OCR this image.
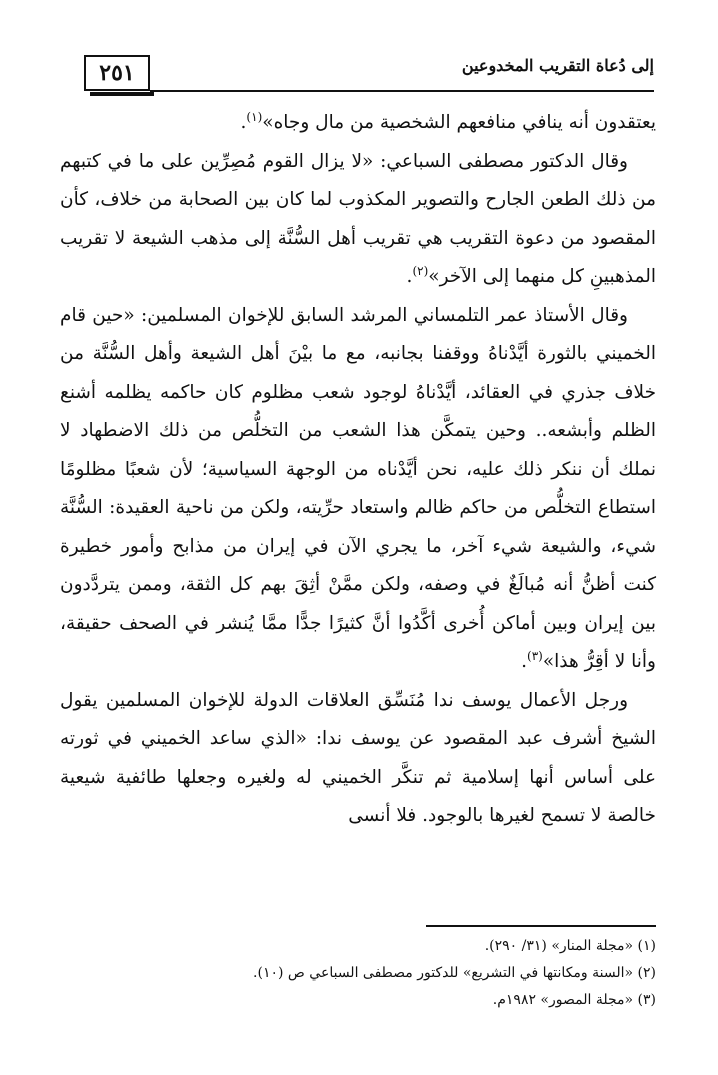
٢٥١	إلى دُعاة التقريب المخدوعين

يعتقدون أنه ينافي منافعهم الشخصية من مال وجاه»$^{(١)}$.

وقال الدكتور مصطفى السباعي: «لا يزال القوم مُصِرِّين على ما في كتبهم من ذلك الطعن الجارح والتصوير المكذوب لما كان بين الصحابة من خلاف، كأن المقصود من دعوة التقريب هي تقريب أهل السُّنَّة إلى مذهب الشيعة لا تقريب المذهبينِ كل منهما إلى الآخر»$^{(٢)}$.

وقال الأستاذ عمر التلمساني المرشد السابق للإخوان المسلمين: «حين قام الخميني بالثورة أيَّدْناهُ ووقفنا بجانبه، مع ما بيْنَ أهل الشيعة وأهل السُّنَّة من خلاف جذري في العقائد، أيَّدْناهُ لوجود شعب مظلوم كان حاكمه يظلمه أشنع الظلم وأبشعه.. وحين يتمكَّن هذا الشعب من التخلُّص من ذلك الاضطهاد لا نملك أن ننكر ذلك عليه، نحن أيَّدْناه من الوجهة السياسية؛ لأن شعبًا مظلومًا استطاع التخلُّص من حاكم ظالم واستعاد حرِّيته، ولكن من ناحية العقيدة: السُّنَّة شيء، والشيعة شيء آخر، ما يجري الآن في إيران من مذابح وأمور خطيرة كنت أظنُّ أنه مُبالَغٌ في وصفه، ولكن ممَّنْ أثِقَ بهم كل الثقة، وممن يتردَّدون بين إيران وبين أماكن أُخرى أكَّدُوا أنَّ كثيرًا جدًّا ممَّا يُنشر في الصحف حقيقة، وأنا لا أقِرُّ هذا»$^{(٣)}$.

ورجل الأعمال يوسف ندا مُنَسِّق العلاقات الدولة للإخوان المسلمين يقول الشيخ أشرف عبد المقصود عن يوسف ندا: «الذي ساعد الخميني في ثورته على أساس أنها إسلامية ثم تنكَّر الخميني له ولغيره وجعلها طائفية شيعية خالصة لا تسمح لغيرها بالوجود. فلا أنسى

(١) «مجلة المنار» (٣١/ ٢٩٠).

(٢) «السنة ومكانتها في التشريع» للدكتور مصطفى السباعي ص (١٠).

(٣) «مجلة المصور» ١٩٨٢م.
